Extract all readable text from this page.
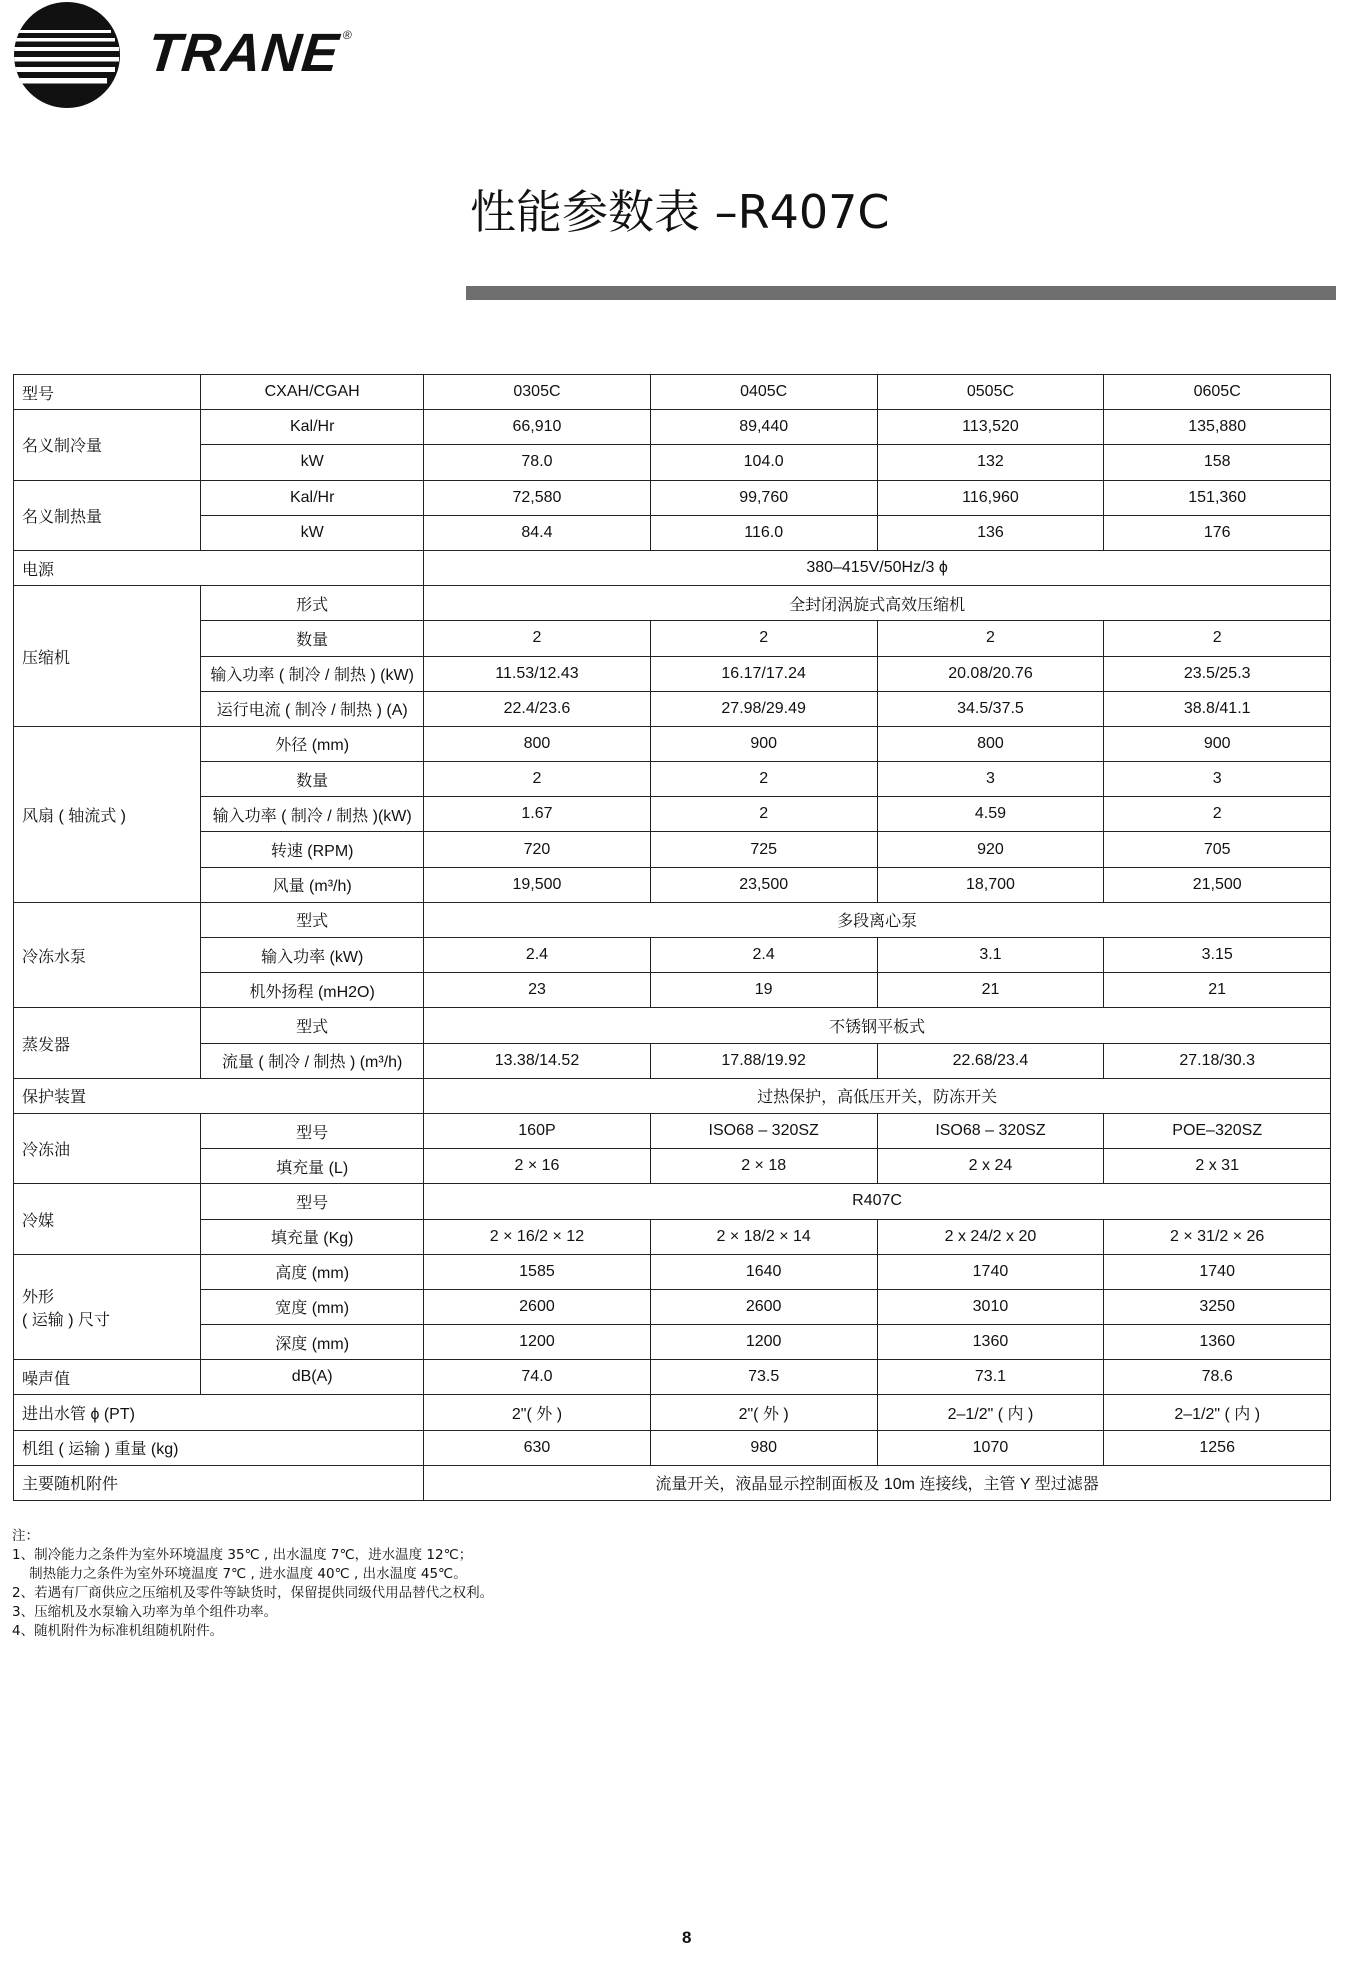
TRANE®
性能参数表 –R407C
型号	CXAH/CGAH	0305C	0405C	0505C	0605C
名义制冷量	Kal/Hr	66,910	89,440	113,520	135,880
	kW	78.0	104.0	132	158
名义制热量	Kal/Hr	72,580	99,760	116,960	151,360
	kW	84.4	116.0	136	176
电源		380–415V/50Hz/3 ϕ			
压缩机	形式	全封闭涡旋式高效压缩机			
	数量	2	2	2	2
	输入功率 ( 制冷 / 制热 ) (kW)	11.53/12.43	16.17/17.24	20.08/20.76	23.5/25.3
	运行电流 ( 制冷 / 制热 ) (A)	22.4/23.6	27.98/29.49	34.5/37.5	38.8/41.1
风扇 ( 轴流式 )	外径 (mm)	800	900	800	900
	数量	2	2	3	3
	输入功率 ( 制冷 / 制热 )(kW)	1.67	2	4.59	2
	转速 (RPM)	720	725	920	705
	风量 (m³/h)	19,500	23,500	18,700	21,500
冷冻水泵	型式	多段离心泵			
	输入功率 (kW)	2.4	2.4	3.1	3.15
	机外扬程 (mH2O)	23	19	21	21
蒸发器	型式	不锈钢平板式			
	流量 ( 制冷 / 制热 ) (m³/h)	13.38/14.52	17.88/19.92	22.68/23.4	27.18/30.3
保护装置		过热保护，高低压开关，防冻开关			
冷冻油	型号	160P	ISO68 – 320SZ	ISO68 – 320SZ	POE–320SZ
	填充量 (L)	2 × 16	2 × 18	2 x 24	2 x 31
冷媒	型号	R407C			
	填充量 (Kg)	2 × 16/2 × 12	2 × 18/2 × 14	2 x 24/2 x 20	2 × 31/2 × 26

外形
( 运输 ) 尺寸	高度 (mm)	1585	1640	1740	1740
	宽度 (mm)	2600	2600	3010	3250
	深度 (mm)	1200	1200	1360	1360
噪声值	dB(A)	74.0	73.5	73.1	78.6
进出水管 ϕ (PT)		2"( 外 )	2"( 外 )	2–1/2" ( 内 )	2–1/2" ( 内 )
机组 ( 运输 ) 重量 (kg)		630	980	1070	1256
主要随机附件		流量开关，液晶显示控制面板及 10m 连接线，主管 Y 型过滤器			
注：
1、制冷能力之条件为室外环境温度 35℃ , 出水温度 7℃，进水温度 12℃；
制热能力之条件为室外环境温度 7℃ , 进水温度 40℃ , 出水温度 45℃。
2、若遇有厂商供应之压缩机及零件等缺货时，保留提供同级代用品替代之权利。
3、压缩机及水泵输入功率为单个组件功率。
4、随机附件为标准机组随机附件。
8
